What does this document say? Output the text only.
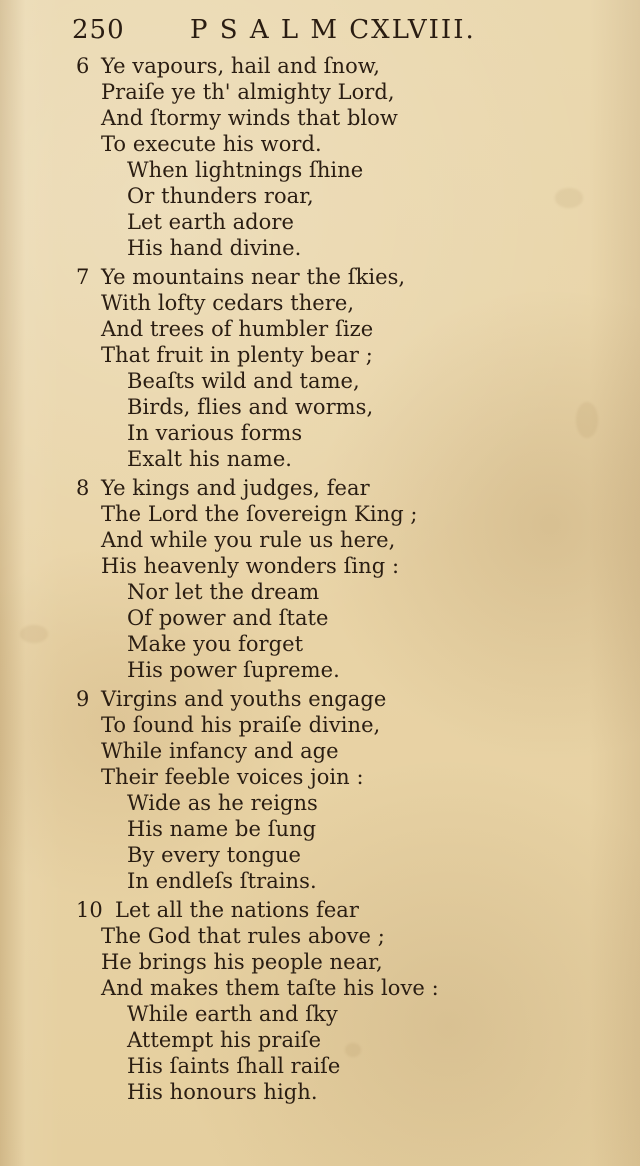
250	P S A L M CXLVIII.
6 Ye vapours, hail and ſnow,
Praiſe ye th' almighty Lord,
And ſtormy winds that blow
To execute his word.
When lightnings ſhine
Or thunders roar,
Let earth adore
His hand divine.
7 Ye mountains near the ſkies,
With lofty cedars there,
And trees of humbler ſize
That fruit in plenty bear ;
Beaſts wild and tame,
Birds, flies and worms,
In various forms
Exalt his name.
8 Ye kings and judges, fear
The Lord the ſovereign King ;
And while you rule us here,
His heavenly wonders ſing :
Nor let the dream
Of power and ſtate
Make you forget
His power ſupreme.
9 Virgins and youths engage
To ſound his praiſe divine,
While infancy and age
Their feeble voices join :
Wide as he reigns
His name be ſung
By every tongue
In endleſs ſtrains.
10 Let all the nations fear
The God that rules above ;
He brings his people near,
And makes them taſte his love :
While earth and ſky
Attempt his praiſe
His ſaints ſhall raiſe
His honours high.
